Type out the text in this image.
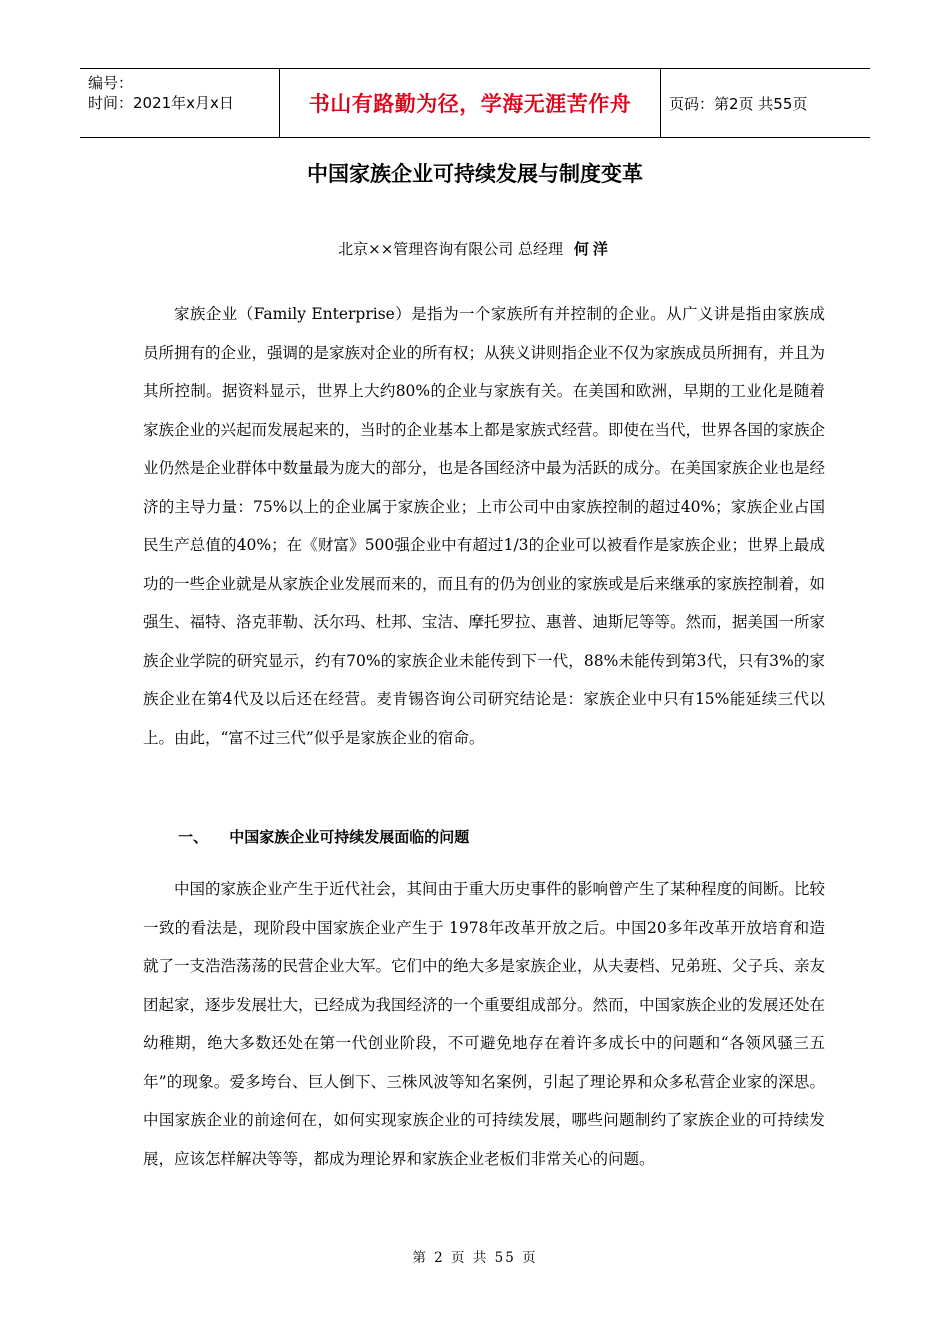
编号：
时间：2021年x月x日	书山有路勤为径，学海无涯苦作舟	页码：第2页 共55页
中国家族企业可持续发展与制度变革
北京××管理咨询有限公司 总经理 何洋

家族企业（Family Enterprise）是指为一个家族所有并控制的企业。从广义讲是指由家族成员所拥有的企业，强调的是家族对企业的所有权；从狭义讲则指企业不仅为家族成员所拥有，并且为其所控制。据资料显示，世界上大约80%的企业与家族有关。在美国和欧洲，早期的工业化是随着家族企业的兴起而发展起来的，当时的企业基本上都是家族式经营。即使在当代，世界各国的家族企业仍然是企业群体中数量最为庞大的部分，也是各国经济中最为活跃的成分。在美国家族企业也是经济的主导力量：75%以上的企业属于家族企业；上市公司中由家族控制的超过40%；家族企业占国民生产总值的40%；在《财富》500强企业中有超过1/3的企业可以被看作是家族企业；世界上最成功的一些企业就是从家族企业发展而来的，而且有的仍为创业的家族或是后来继承的家族控制着，如强生、福特、洛克菲勒、沃尔玛、杜邦、宝洁、摩托罗拉、惠普、迪斯尼等等。然而，据美国一所家族企业学院的研究显示，约有70%的家族企业未能传到下一代，88%未能传到第3代，只有3%的家族企业在第4代及以后还在经营。麦肯锡咨询公司研究结论是：家族企业中只有15%能延续三代以上。由此，“富不过三代”似乎是家族企业的宿命。

一、 中国家族企业可持续发展面临的问题

中国的家族企业产生于近代社会，其间由于重大历史事件的影响曾产生了某种程度的间断。比较一致的看法是，现阶段中国家族企业产生于 1978年改革开放之后。中国20多年改革开放培育和造就了一支浩浩荡荡的民营企业大军。它们中的绝大多是家族企业，从夫妻档、兄弟班、父子兵、亲友团起家，逐步发展壮大，已经成为我国经济的一个重要组成部分。然而，中国家族企业的发展还处在幼稚期，绝大多数还处在第一代创业阶段，不可避免地存在着许多成长中的问题和“各领风骚三五年”的现象。爱多垮台、巨人倒下、三株风波等知名案例，引起了理论界和众多私营企业家的深思。中国家族企业的前途何在，如何实现家族企业的可持续发展，哪些问题制约了家族企业的可持续发展，应该怎样解决等等，都成为理论界和家族企业老板们非常关心的问题。

第 2 页 共 55 页
